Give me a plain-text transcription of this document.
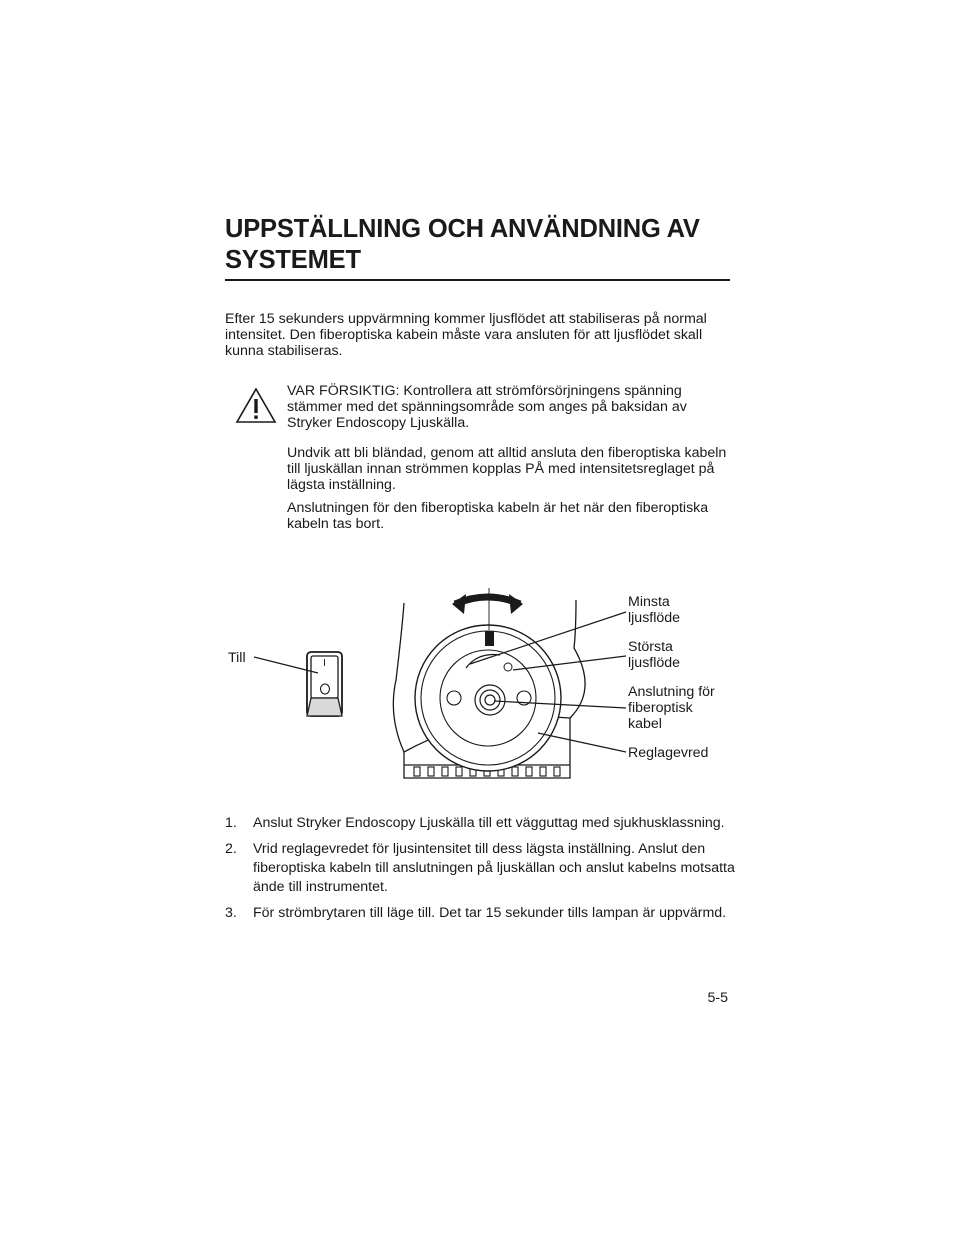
UPPSTÄLLNING OCH ANVÄNDNING AV SYSTEMET

Efter 15 sekunders uppvärmning kommer ljusflödet att stabiliseras på normal intensitet. Den fiberoptiska kabein måste vara ansluten för att ljusflödet skall kunna stabiliseras.

VAR FÖRSIKTIG: Kontrollera att strömförsörjningens spänning stämmer med det spänningsområde som anges på baksidan av Stryker Endoscopy Ljuskälla.

Undvik att bli bländad, genom att alltid ansluta den fiberoptiska kabeln till ljuskällan innan strömmen kopplas PÅ med intensitetsreglaget på lägsta inställning.

Anslutningen för den fiberoptiska kabeln är het när den fiberoptiska kabeln tas bort.

I

Till

Minsta
ljusflöde

Största
ljusflöde

Anslutning för
fiberoptisk
kabel

Reglagevred

1. Anslut Stryker Endoscopy Ljuskälla till ett vägguttag med sjukhusklassning.
2. Vrid reglagevredet för ljusintensitet till dess lägsta inställning. Anslut den fiberoptiska kabeln till anslutningen på ljuskällan och anslut kabelns motsatta ände till instrumentet.
3. För strömbrytaren till läge till. Det tar 15 sekunder tills lampan är uppvärmd.

5-5
